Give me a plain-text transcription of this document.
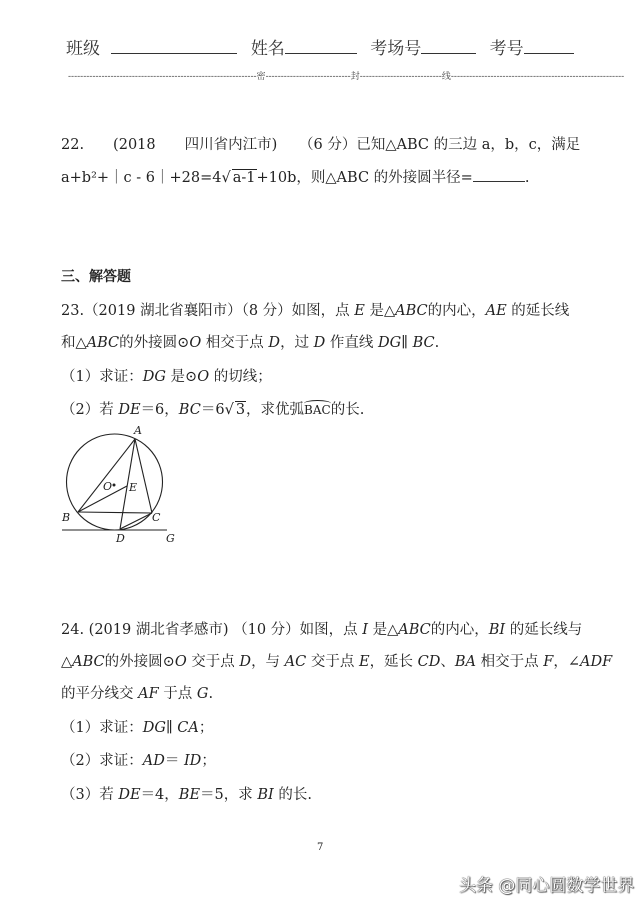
班级	姓名	考场号	考号
--------------------------------------------------------------密----------------------------封---------------------------线---------------------------------------------------------
22.　　(2018　　四川省内江市)　　（6 分）已知△ABC 的三边 a，b，c，满足
a+b²+｜c - 6｜+28=4√ a-1+10b，则△ABC 的外接圆半径=	.
三、解答题
23.（2019 湖北省襄阳市）（8 分）如图，点 E 是△ABC的内心，AE 的延长线
和△ABC的外接圆⊙O 相交于点 D，过 D 作直线 DG∥ BC.
（1）求证：DG 是⊙O 的切线；
（2）若 DE＝6，BC＝6√ 3，求优弧BAC的长.
A
B	C
D
E
O
G
24. (2019 湖北省孝感市) （10 分）如图，点 I 是△ABC的内心，BI 的延长线与
△ABC的外接圆⊙O 交于点 D，与 AC 交于点 E，延长 CD、BA 相交于点 F，∠ADF
的平分线交 AF 于点 G.
（1）求证：DG∥ CA；
（2）求证：AD＝ ID；
（3）若 DE＝4，BE＝5，求 BI 的长.
7
头条 @同心圆数学世界
